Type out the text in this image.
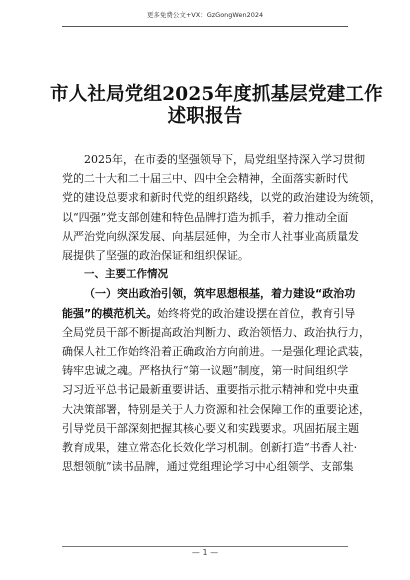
更多免费公文+VX：GzGongWen2024
市人社局党组2025年度抓基层党建工作
述职报告

2025年，在市委的坚强领导下，局党组坚持深入学习贯彻
党的二十大和二十届三中、四中全会精神，全面落实新时代
党的建设总要求和新时代党的组织路线，以党的政治建设为统领，
以“四强”党支部创建和特色品牌打造为抓手，着力推动全面
从严治党向纵深发展、向基层延伸，为全市人社事业高质量发
展提供了坚强的政治保证和组织保证。

一、主要工作情况

（一）突出政治引领，筑牢思想根基，着力建设“政治功
能强”的模范机关。始终将党的政治建设摆在首位，教育引导
全局党员干部不断提高政治判断力、政治领悟力、政治执行力，
确保人社工作始终沿着正确政治方向前进。一是强化理论武装，
铸牢忠诚之魂。严格执行“第一议题”制度，第一时间组织学
习习近平总书记最新重要讲话、重要指示批示精神和党中央重
大决策部署，特别是关于人力资源和社会保障工作的重要论述，
引导党员干部深刻把握其核心要义和实践要求。巩固拓展主题
教育成果，建立常态化长效化学习机制。创新打造“书香人社·
思想领航”读书品牌，通过党组理论学习中心组领学、支部集

— 1 —
